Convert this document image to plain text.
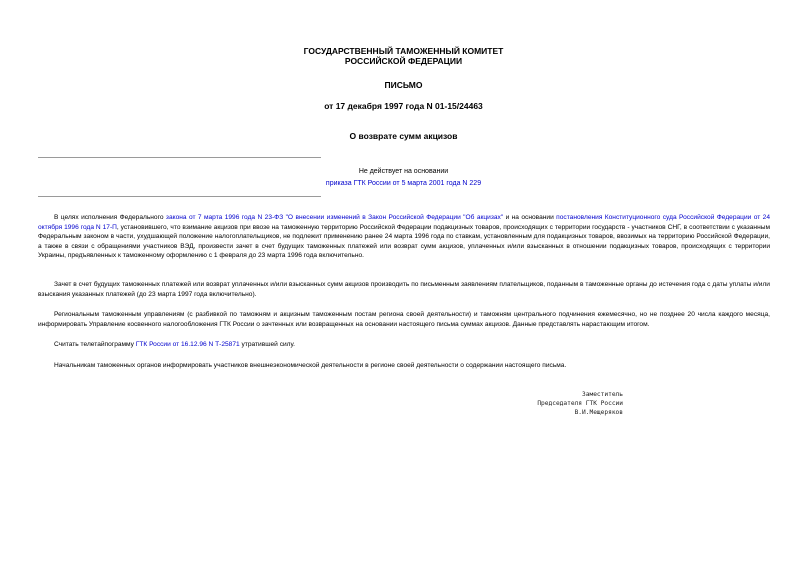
ГОСУДАРСТВЕННЫЙ ТАМОЖЕННЫЙ КОМИТЕТ
РОССИЙСКОЙ ФЕДЕРАЦИИ
ПИСЬМО
от 17 декабря 1997 года N 01-15/24463
О возврате сумм акцизов
Не действует на основании
приказа ГТК России от 5 марта 2001 года N 229

В целях исполнения Федерального закона от 7 марта 1996 года N 23-ФЗ "О внесении изменений в Закон Российской Федерации "Об акцизах" и на основании постановления Конституционного суда Российской Федерации от 24 октября 1996 года N 17-П, установившего, что взимание акцизов при ввозе на таможенную территорию Российской Федерации подакцизных товаров, происходящих с территории государств - участников СНГ, в соответствии с указанным Федеральным законом в части, ухудшающей положение налогоплательщиков, не подлежит применению ранее 24 марта 1996 года по ставкам, установленным для подакцизных товаров, ввозимых на территорию Российской Федерации, а также в связи с обращениями участников ВЭД, произвести зачет в счет будущих таможенных платежей или возврат сумм акцизов, уплаченных и/или взысканных в отношении подакцизных товаров, происходящих с территории Украины, предъявленных к таможенному оформлению с 1 февраля до 23 марта 1996 года включительно.

Зачет в счет будущих таможенных платежей или возврат уплаченных и/или взысканных сумм акцизов производить по письменным заявлениям плательщиков, поданным в таможенные органы до истечения года с даты уплаты и/или взыскания указанных платежей (до 23 марта 1997 года включительно).

Региональным таможенным управлениям (с разбивкой по таможням и акцизным таможенным постам региона своей деятельности) и таможням центрального подчинения ежемесячно, но не позднее 20 числа каждого месяца, информировать Управление косвенного налогообложения ГТК России о зачтенных или возвращенных на основании настоящего письма суммах акцизов. Данные представлять нарастающим итогом.

Считать телетайпограмму ГТК России от 16.12.96 N Т-25871 утратившей силу.

Начальникам таможенных органов информировать участников внешнеэкономической деятельности в регионе своей деятельности о содержании настоящего письма.

Заместитель
Председателя ГТК России
В.И.Мещеряков
